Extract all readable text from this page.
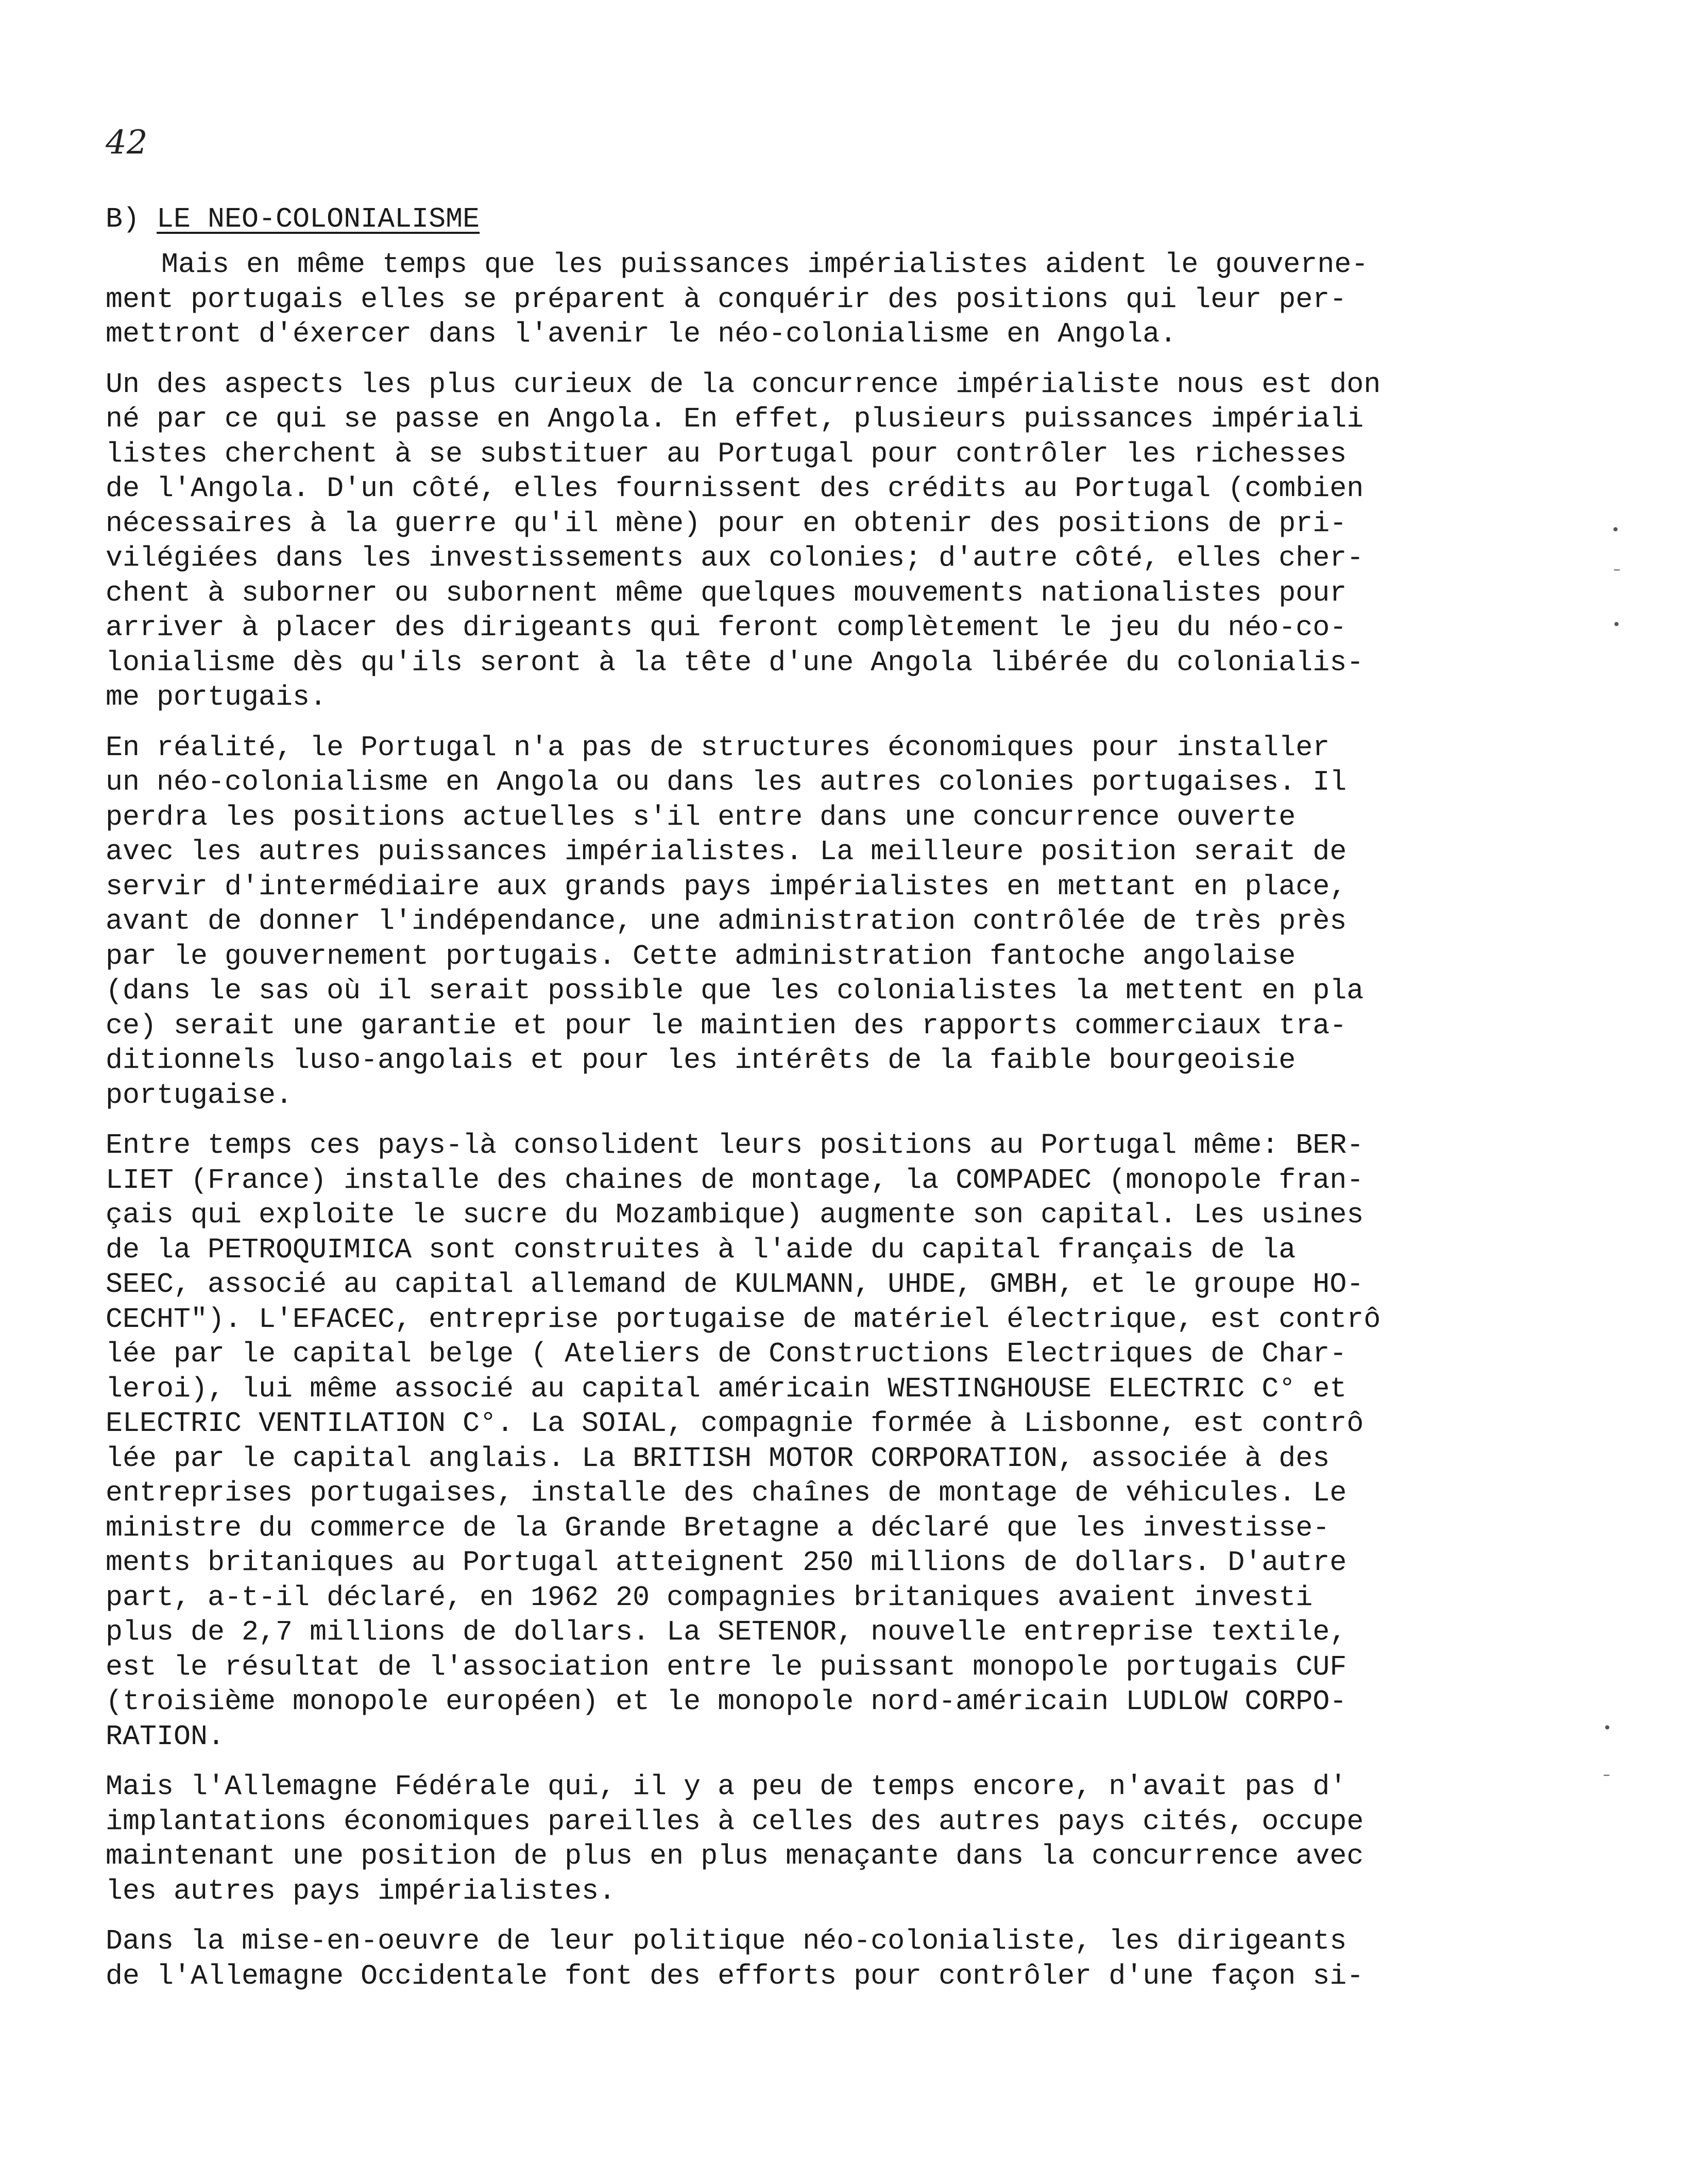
42
B) LE NEO-COLONIALISME

Mais en même temps que les puissances impérialistes aident le gouverne-
ment portugais elles se préparent à conquérir des positions qui leur per-
mettront d'éxercer dans l'avenir le néo-colonialisme en Angola.

Un des aspects les plus curieux de la concurrence impérialiste nous est don
né par ce qui se passe en Angola. En effet, plusieurs puissances impériali
listes cherchent à se substituer au Portugal pour contrôler les richesses
de l'Angola. D'un côté, elles fournissent des crédits au Portugal (combien
nécessaires à la guerre qu'il mène) pour en obtenir des positions de pri-
vilégiées dans les investissements aux colonies; d'autre côté, elles cher-
chent à suborner ou subornent même quelques mouvements nationalistes pour
arriver à placer des dirigeants qui feront complètement le jeu du néo-co-
lonialisme dès qu'ils seront à la tête d'une Angola libérée du colonialis-
me portugais.

En réalité, le Portugal n'a pas de structures économiques pour installer
un néo-colonialisme en Angola ou dans les autres colonies portugaises. Il
perdra les positions actuelles s'il entre dans une concurrence ouverte
avec les autres puissances impérialistes. La meilleure position serait de
servir d'intermédiaire aux grands pays impérialistes en mettant en place,
avant de donner l'indépendance, une administration contrôlée de très près
par le gouvernement portugais. Cette administration fantoche angolaise
(dans le sas où il serait possible que les colonialistes la mettent en pla
ce) serait une garantie et pour le maintien des rapports commerciaux tra-
ditionnels luso-angolais et pour les intérêts de la faible bourgeoisie
portugaise.

Entre temps ces pays-là consolident leurs positions au Portugal même: BER-
LIET (France) installe des chaines de montage, la COMPADEC (monopole fran-
çais qui exploite le sucre du Mozambique) augmente son capital. Les usines
de la PETROQUIMICA sont construites à l'aide du capital français de la
SEEC, associé au capital allemand de KULMANN, UHDE, GMBH, et le groupe HO-
CECHT"). L'EFACEC, entreprise portugaise de matériel électrique, est contrô
lée par le capital belge ( Ateliers de Constructions Electriques de Char-
leroi), lui même associé au capital américain WESTINGHOUSE ELECTRIC C° et
ELECTRIC VENTILATION C°. La SOIAL, compagnie formée à Lisbonne, est contrô
lée par le capital anglais. La BRITISH MOTOR CORPORATION, associée à des
entreprises portugaises, installe des chaînes de montage de véhicules. Le
ministre du commerce de la Grande Bretagne a déclaré que les investisse-
ments britaniques au Portugal atteignent 250 millions de dollars. D'autre
part, a-t-il déclaré, en 1962 20 compagnies britaniques avaient investi
plus de 2,7 millions de dollars. La SETENOR, nouvelle entreprise textile,
est le résultat de l'association entre le puissant monopole portugais CUF
(troisième monopole européen) et le monopole nord-américain LUDLOW CORPO-
RATION.

Mais l'Allemagne Fédérale qui, il y a peu de temps encore, n'avait pas d'
implantations économiques pareilles à celles des autres pays cités, occupe
maintenant une position de plus en plus menaçante dans la concurrence avec
les autres pays impérialistes.

Dans la mise-en-oeuvre de leur politique néo-colonialiste, les dirigeants
de l'Allemagne Occidentale font des efforts pour contrôler d'une façon si-

•
–
•
•
–
